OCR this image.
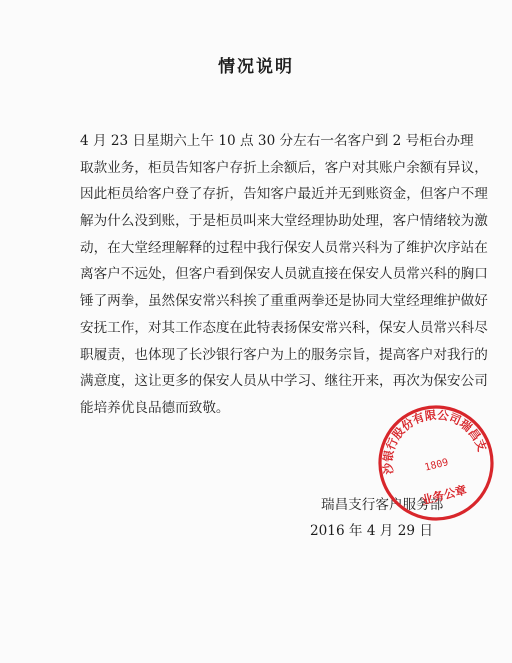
情况说明
4 月 23 日星期六上午 10 点 30 分左右一名客户到 2 号柜台办理
取款业务，柜员告知客户存折上余额后，客户对其账户余额有异议，
因此柜员给客户登了存折，告知客户最近并无到账资金，但客户不理
解为什么没到账，于是柜员叫来大堂经理协助处理，客户情绪较为激
动，在大堂经理解释的过程中我行保安人员常兴科为了维护次序站在
离客户不远处，但客户看到保安人员就直接在保安人员常兴科的胸口
锤了两拳，虽然保安常兴科挨了重重两拳还是协同大堂经理维护做好
安抚工作，对其工作态度在此特表扬保安常兴科，保安人员常兴科尽
职履责，也体现了长沙银行客户为上的服务宗旨，提高客户对我行的
满意度，这让更多的保安人员从中学习、继往开来，再次为保安公司
能培养优良品德而致敬。
瑞昌支行客户服务部
2016 年 4 月 29 日
长沙银行股份有限公司瑞昌支行
1809
业务公章
